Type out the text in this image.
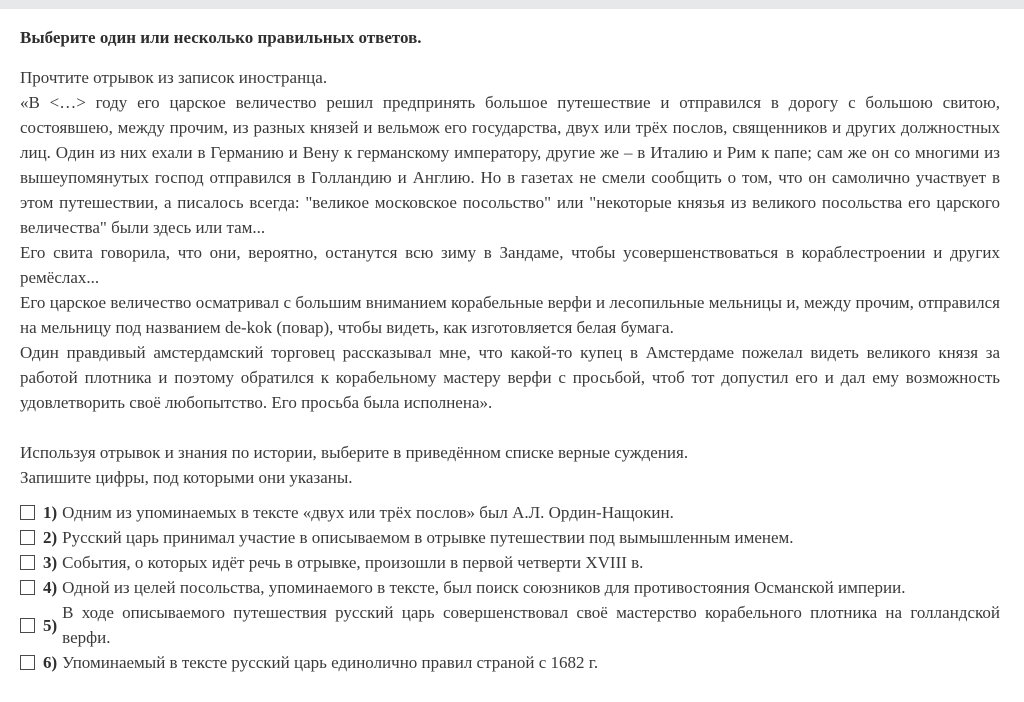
Выберите один или несколько правильных ответов.

Прочтите отрывок из записок иностранца.

«В <…> году его царское величество решил предпринять большое путешествие и отправился в дорогу с большою свитою, состоявшею, между прочим, из разных князей и вельмож его государства, двух или трёх послов, священников и других должностных лиц. Один из них ехали в Германию и Вену к германскому императору, другие же – в Италию и Рим к папе; сам же он со многими из вышеупомянутых господ отправился в Голландию и Англию. Но в газетах не смели сообщить о том, что он самолично участвует в этом путешествии, а писалось всегда: "великое московское посольство" или "некоторые князья из великого посольства его царского величества" были здесь или там...

Его свита говорила, что они, вероятно, останутся всю зиму в Зандаме, чтобы усовершенствоваться в кораблестроении и других ремёслах...

Его царское величество осматривал с большим вниманием корабельные верфи и лесопильные мельницы и, между прочим, отправился на мельницу под названием de-kok (повар), чтобы видеть, как изготовляется белая бумага.

Один правдивый амстердамский торговец рассказывал мне, что какой-то купец в Амстердаме пожелал видеть великого князя за работой плотника и поэтому обратился к корабельному мастеру верфи с просьбой, чтоб тот допустил его и дал ему возможность удовлетворить своё любопытство. Его просьба была исполнена».

Используя отрывок и знания по истории, выберите в приведённом списке верные суждения.

Запишите цифры, под которыми они указаны.

1) Одним из упоминаемых в тексте «двух или трёх послов» был А.Л. Ордин-Нащокин.
2) Русский царь принимал участие в описываемом в отрывке путешествии под вымышленным именем.
3) События, о которых идёт речь в отрывке, произошли в первой четверти XVIII в.
4) Одной из целей посольства, упоминаемого в тексте, был поиск союзников для противостояния Османской империи.
5)
В ходе описываемого путешествия русский царь совершенствовал своё мастерство корабельного плотника на голландской верфи.
6) Упоминаемый в тексте русский царь единолично правил страной с 1682 г.
